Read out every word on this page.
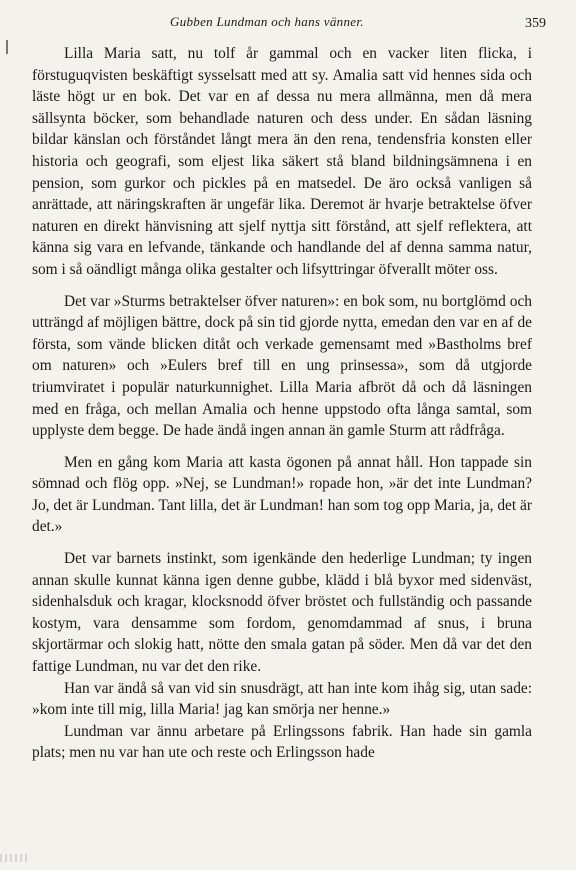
Gubben Lundman och hans vänner.	359

Lilla Maria satt, nu tolf år gammal och en vacker liten flicka, i förstuguqvisten beskäftigt sysselsatt med att sy. Amalia satt vid hennes sida och läste högt ur en bok. Det var en af dessa nu mera allmänna, men då mera sällsynta böcker, som behandlade naturen och dess under. En sådan läsning bildar känslan och förståndet långt mera än den rena, tendensfria konsten eller historia och geografi, som eljest lika säkert stå bland bildningsämnena i en pension, som gurkor och pickles på en matsedel. De äro också vanligen så anrättade, att näringskraften är ungefär lika. Deremot är hvarje betraktelse öfver naturen en direkt hänvisning att sjelf nyttja sitt förstånd, att sjelf reflektera, att känna sig vara en lefvande, tänkande och handlande del af denna samma natur, som i så oändligt många olika gestalter och lifsyttringar öfverallt möter oss.

Det var »Sturms betraktelser öfver naturen»: en bok som, nu bortglömd och utträngd af möjligen bättre, dock på sin tid gjorde nytta, emedan den var en af de första, som vände blicken ditåt och verkade gemensamt med »Bastholms bref om naturen» och »Eulers bref till en ung prinsessa», som då utgjorde triumviratet i populär naturkunnighet. Lilla Maria afbröt då och då läsningen med en fråga, och mellan Amalia och henne uppstodo ofta långa samtal, som upplyste dem begge. De hade ändå ingen annan än gamle Sturm att rådfråga.

Men en gång kom Maria att kasta ögonen på annat håll. Hon tappade sin sömnad och flög opp. »Nej, se Lundman!» ropade hon, »är det inte Lundman? Jo, det är Lundman. Tant lilla, det är Lundman! han som tog opp Maria, ja, det är det.»

Det var barnets instinkt, som igenkände den hederlige Lundman; ty ingen annan skulle kunnat känna igen denne gubbe, klädd i blå byxor med sidenväst, sidenhalsduk och kragar, klocksnodd öfver bröstet och fullständig och passande kostym, vara densamme som fordom, genomdammad af snus, i bruna skjortärmar och slokig hatt, nötte den smala gatan på söder. Men då var det den fattige Lundman, nu var det den rike.

Han var ändå så van vid sin snusdrägt, att han inte kom ihåg sig, utan sade: »kom inte till mig, lilla Maria! jag kan smörja ner henne.»

Lundman var ännu arbetare på Erlingssons fabrik. Han hade sin gamla plats; men nu var han ute och reste och Erlingsson hade
